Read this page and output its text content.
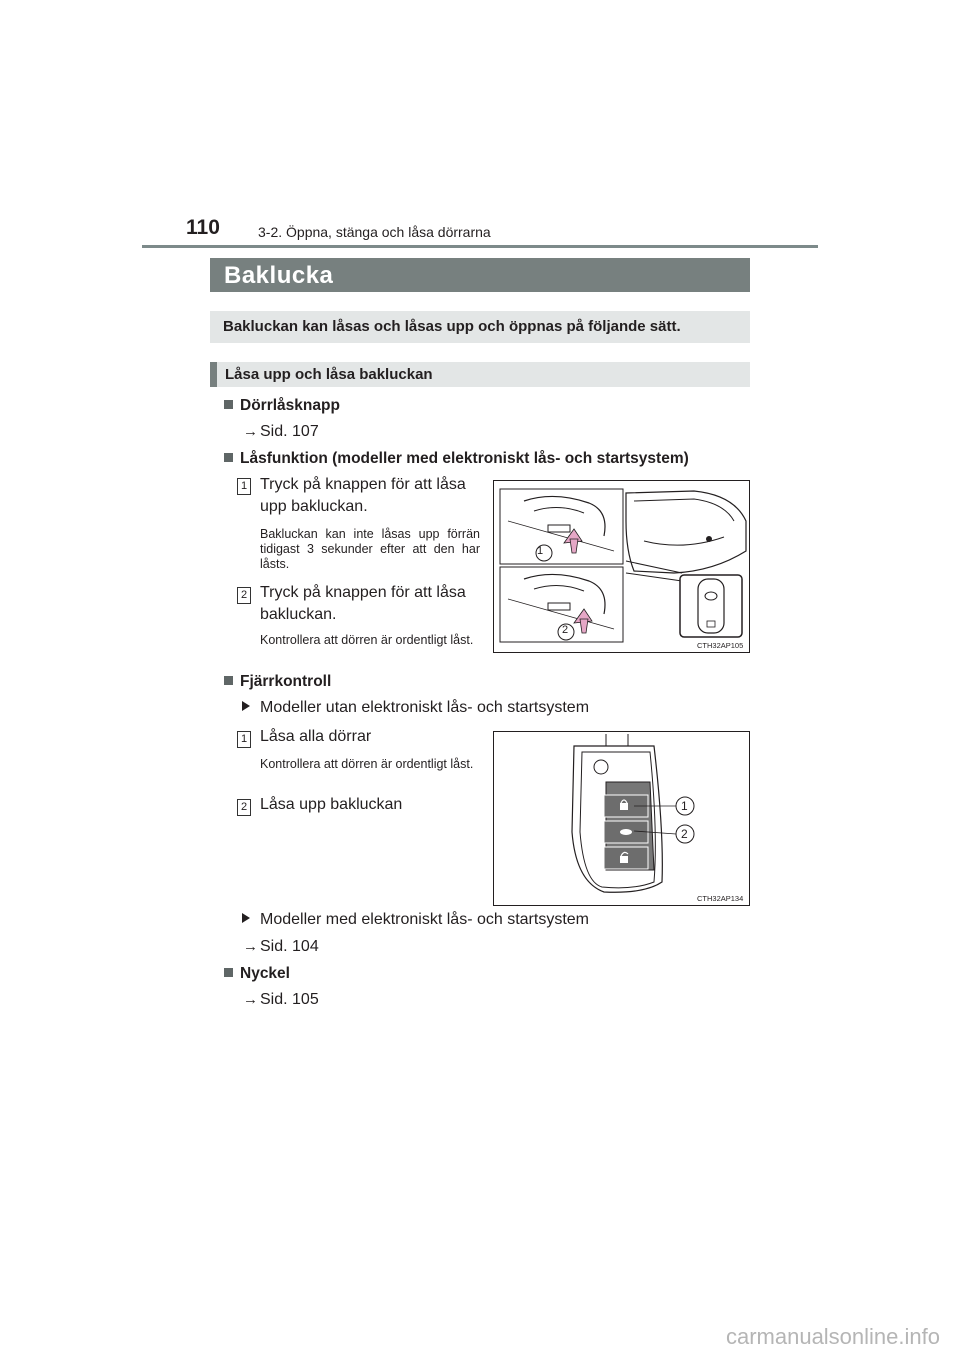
110	3-2. Öppna, stänga och låsa dörrarna
Baklucka
Bakluckan kan låsas och låsas upp och öppnas på följande sätt.
Låsa upp och låsa bakluckan
Dörrlåsknapp
→ Sid. 107
Låsfunktion (modeller med elektroniskt lås- och startsystem)
1 Tryck på knappen för att låsa upp bakluckan.
Bakluckan kan inte låsas upp förrän tidigast 3 sekunder efter att den har låsts.
2 Tryck på knappen för att låsa bakluckan.
Kontrollera att dörren är ordentligt låst.
1
2
CTH32AP105
Fjärrkontroll
Modeller utan elektroniskt lås- och startsystem
1 Låsa alla dörrar
Kontrollera att dörren är ordentligt låst.
2 Låsa upp bakluckan	1
2
CTH32AP134
Modeller med elektroniskt lås- och startsystem
→ Sid. 104
Nyckel
→ Sid. 105
carmanualsonline.info
